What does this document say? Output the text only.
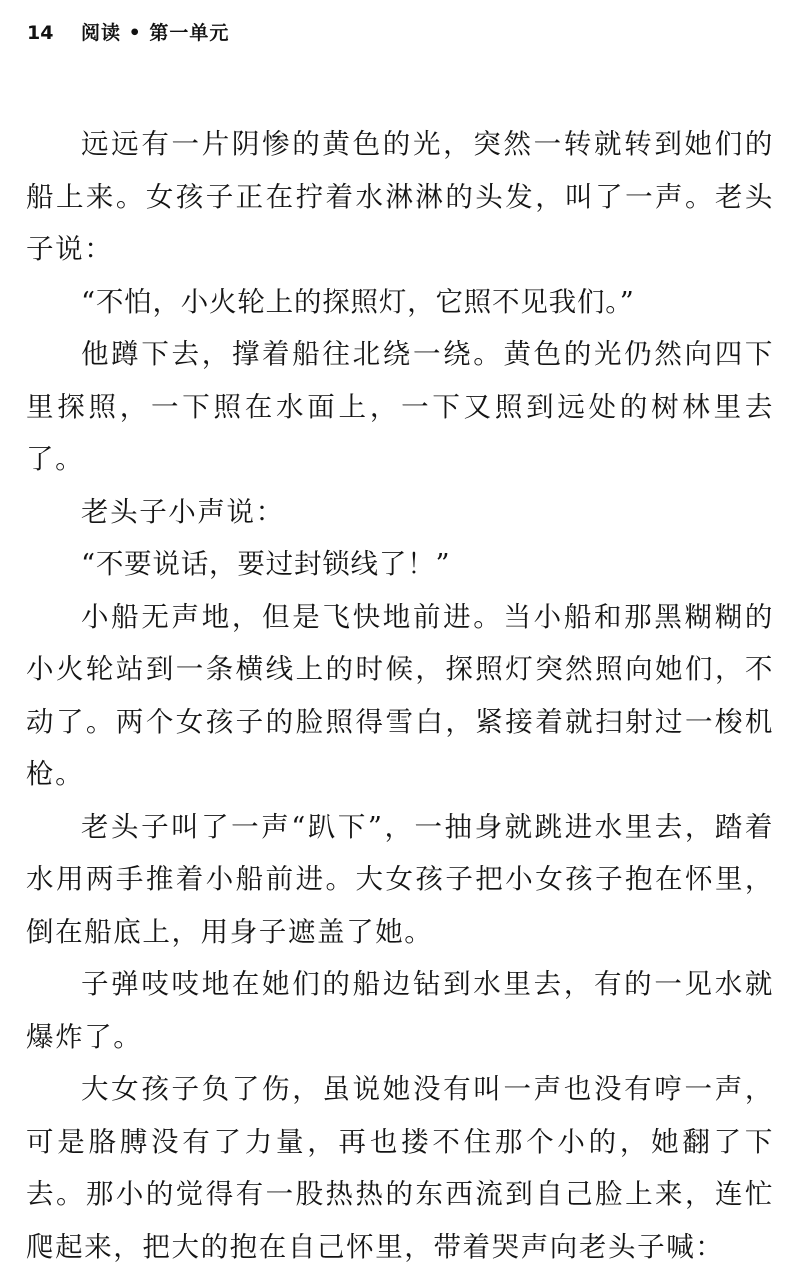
14	阅读 • 第一单元

远远有一片阴惨的黄色的光，突然一转就转到她们的船上来。女孩子正在拧着水淋淋的头发，叫了一声。老头子说：

“不怕，小火轮上的探照灯，它照不见我们。”

他蹲下去，撑着船往北绕一绕。黄色的光仍然向四下里探照，一下照在水面上，一下又照到远处的树林里去了。

老头子小声说：

“不要说话，要过封锁线了！”

小船无声地，但是飞快地前进。当小船和那黑糊糊的小火轮站到一条横线上的时候，探照灯突然照向她们，不动了。两个女孩子的脸照得雪白，紧接着就扫射过一梭机枪。

老头子叫了一声“趴下”，一抽身就跳进水里去，踏着水用两手推着小船前进。大女孩子把小女孩子抱在怀里，倒在船底上，用身子遮盖了她。

子弹吱吱地在她们的船边钻到水里去，有的一见水就爆炸了。

大女孩子负了伤，虽说她没有叫一声也没有哼一声，可是胳膊没有了力量，再也搂不住那个小的，她翻了下去。那小的觉得有一股热热的东西流到自己脸上来，连忙爬起来，把大的抱在自己怀里，带着哭声向老头子喊：
